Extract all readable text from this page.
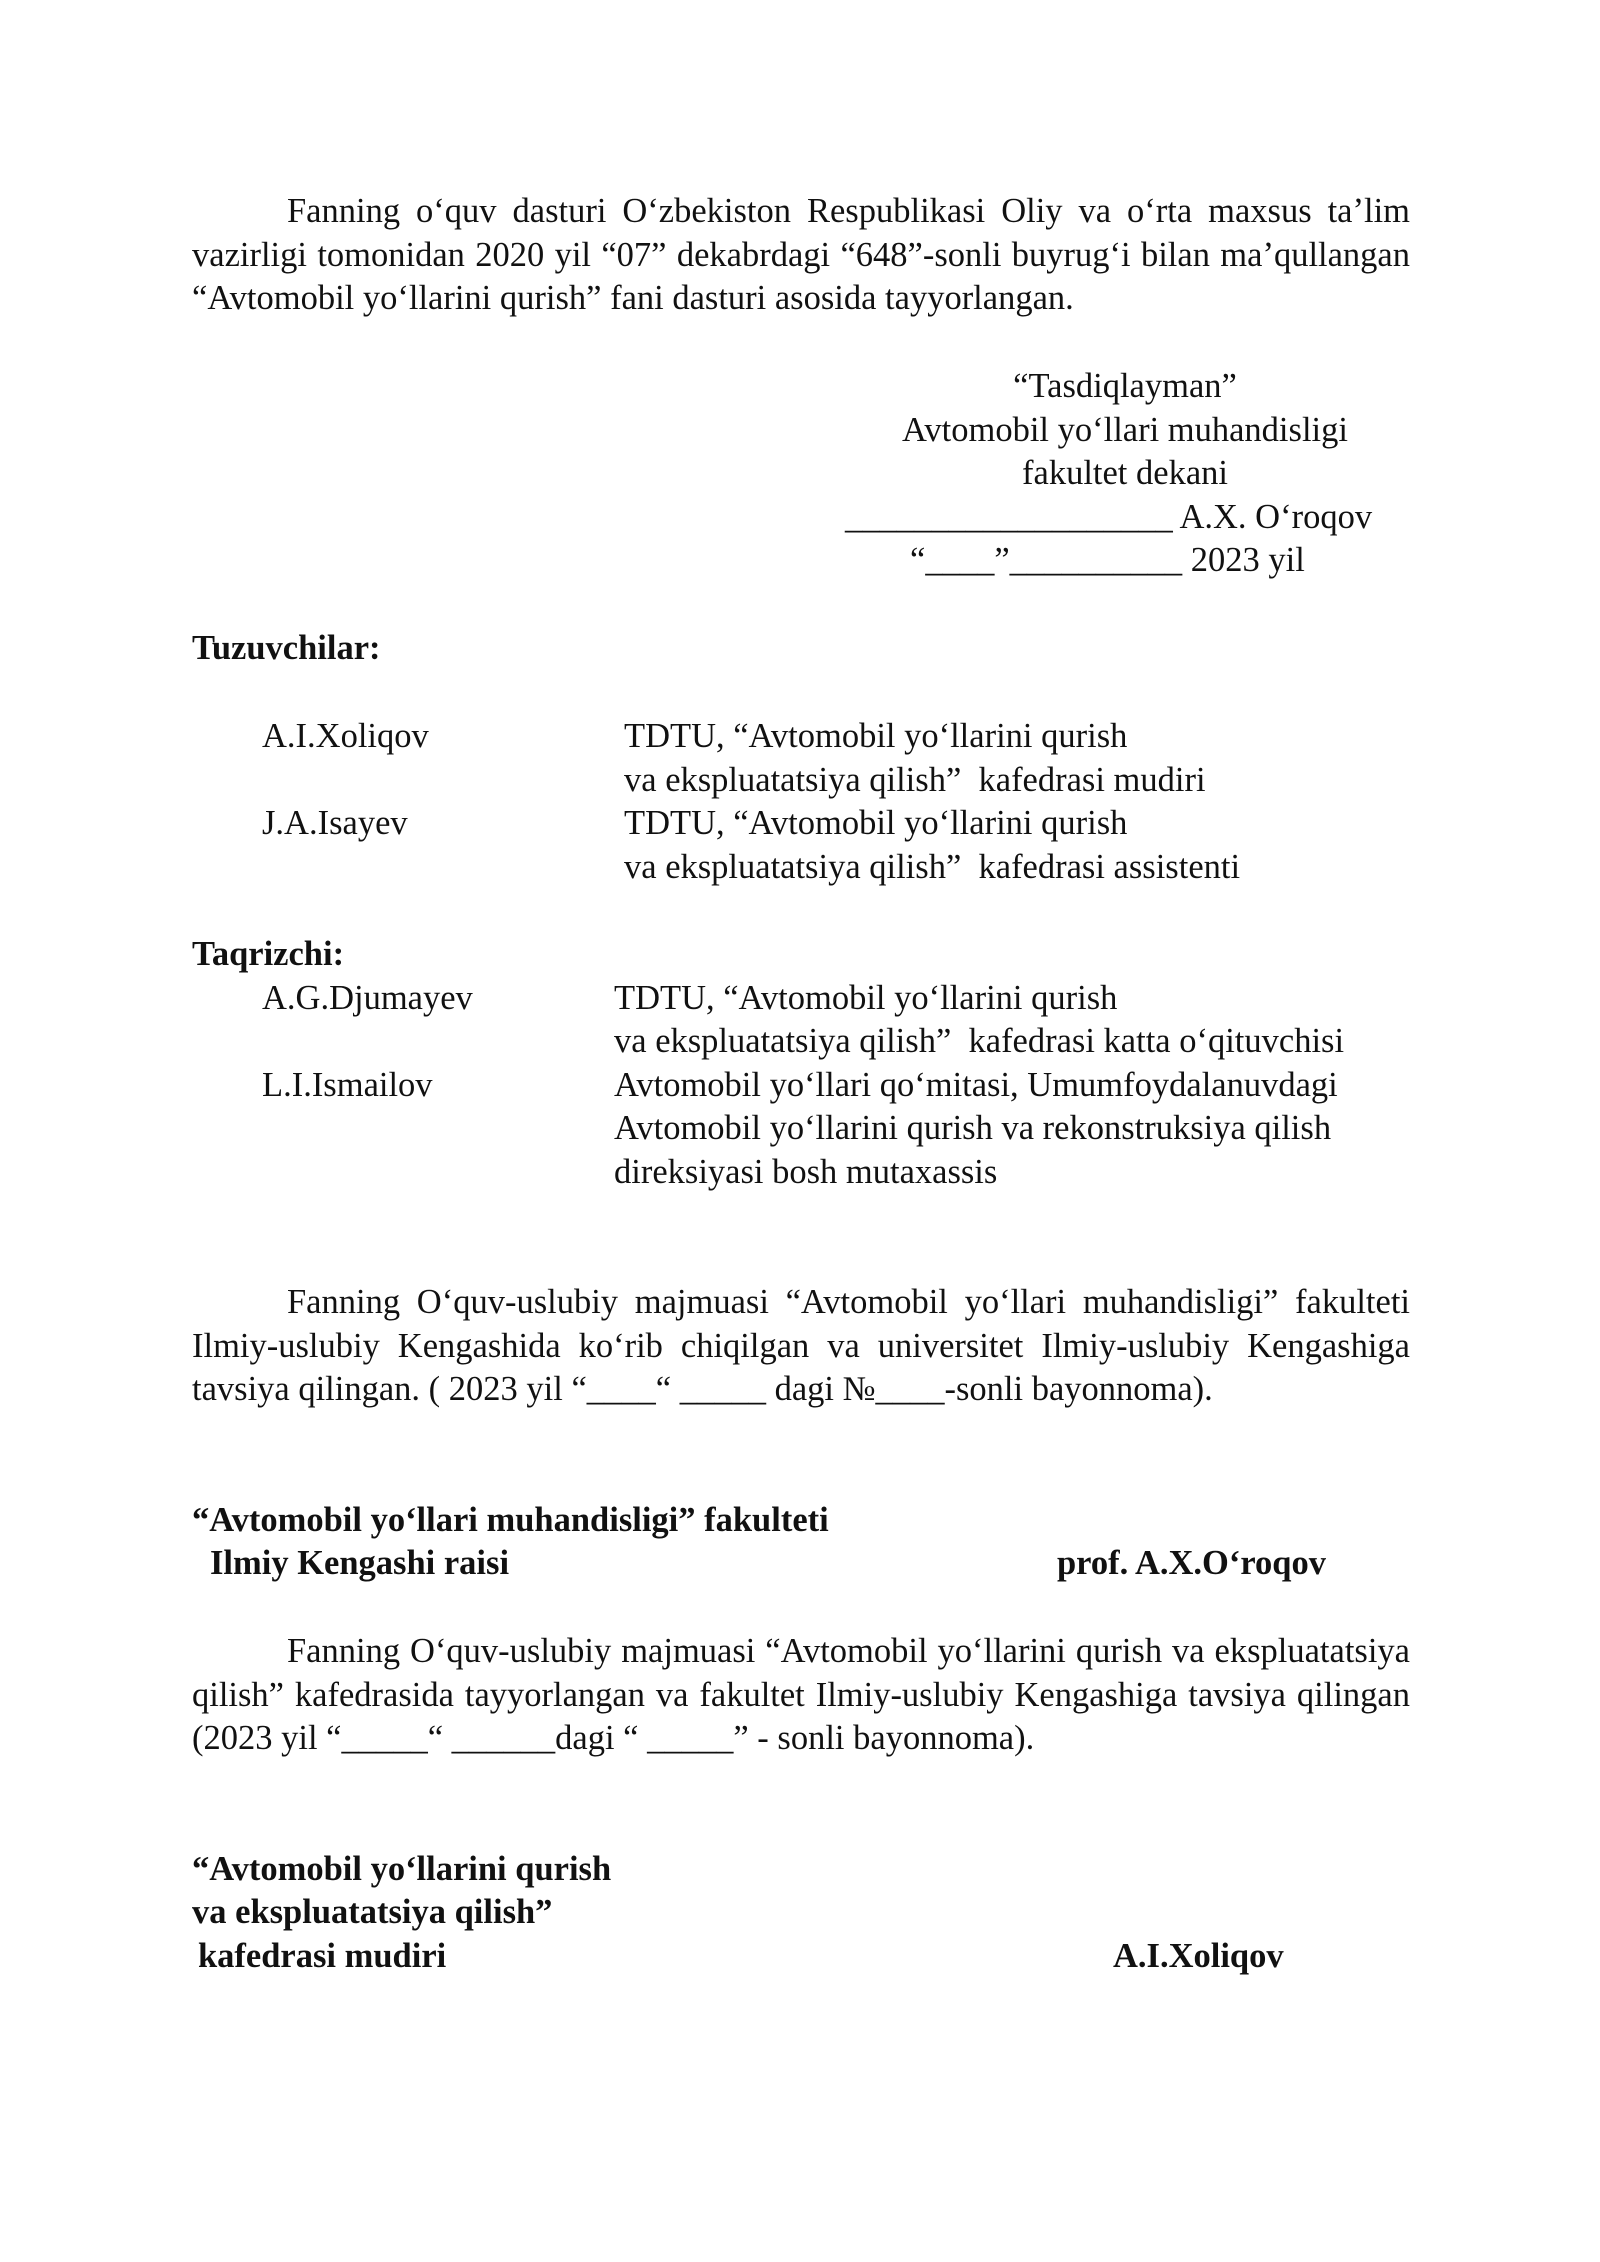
Fanning oʻquv dasturi Oʻzbekiston Respublikasi Oliy va oʻrta maxsus taʼlim vazirligi tomonidan 2020 yil “07” dekabrdagi “648”-sonli buyrugʻi bilan maʼqullangan “Avtomobil yoʻllarini qurish” fani dasturi asosida tayyorlangan.

“Tasdiqlayman”
Avtomobil yoʻllari muhandisligi
fakultet dekani
___________________ A.X. Oʻroqov
“____”__________ 2023 yil
Tuzuvchilar:
A.I.Xoliqov	TDTU, “Avtomobil yoʻllarini qurish
va ekspluatatsiya qilish”  kafedrasi mudiri
J.A.Isayev	TDTU, “Avtomobil yoʻllarini qurish
va ekspluatatsiya qilish”  kafedrasi assistenti
Taqrizchi:
A.G.Djumayev	TDTU, “Avtomobil yoʻllarini qurish
va ekspluatatsiya qilish”  kafedrasi katta oʻqituvchisi
L.I.Ismailov	Avtomobil yoʻllari qoʻmitasi, Umumfoydalanuvdagi
Avtomobil yoʻllarini qurish va rekonstruksiya qilish
direksiyasi bosh mutaxassis

Fanning Oʻquv-uslubiy majmuasi “Avtomobil yoʻllari muhandisligi” fakulteti Ilmiy-uslubiy Kengashida koʻrib chiqilgan va universitet Ilmiy-uslubiy Kengashiga tavsiya qilingan. ( 2023 yil “____“ _____ dagi №____-sonli bayonnoma).

“Avtomobil yoʻllari muhandisligi” fakulteti
Ilmiy Kengashi raisi	prof. A.X.Oʻroqov

Fanning Oʻquv-uslubiy majmuasi “Avtomobil yoʻllarini qurish va ekspluatatsiya qilish” kafedrasida tayyorlangan va fakultet Ilmiy-uslubiy Kengashiga tavsiya qilingan (2023 yil “_____“ ______dagi “ _____” - sonli bayonnoma).

“Avtomobil yoʻllarini qurish
va ekspluatatsiya qilish”
kafedrasi mudiri	A.I.Xoliqov
